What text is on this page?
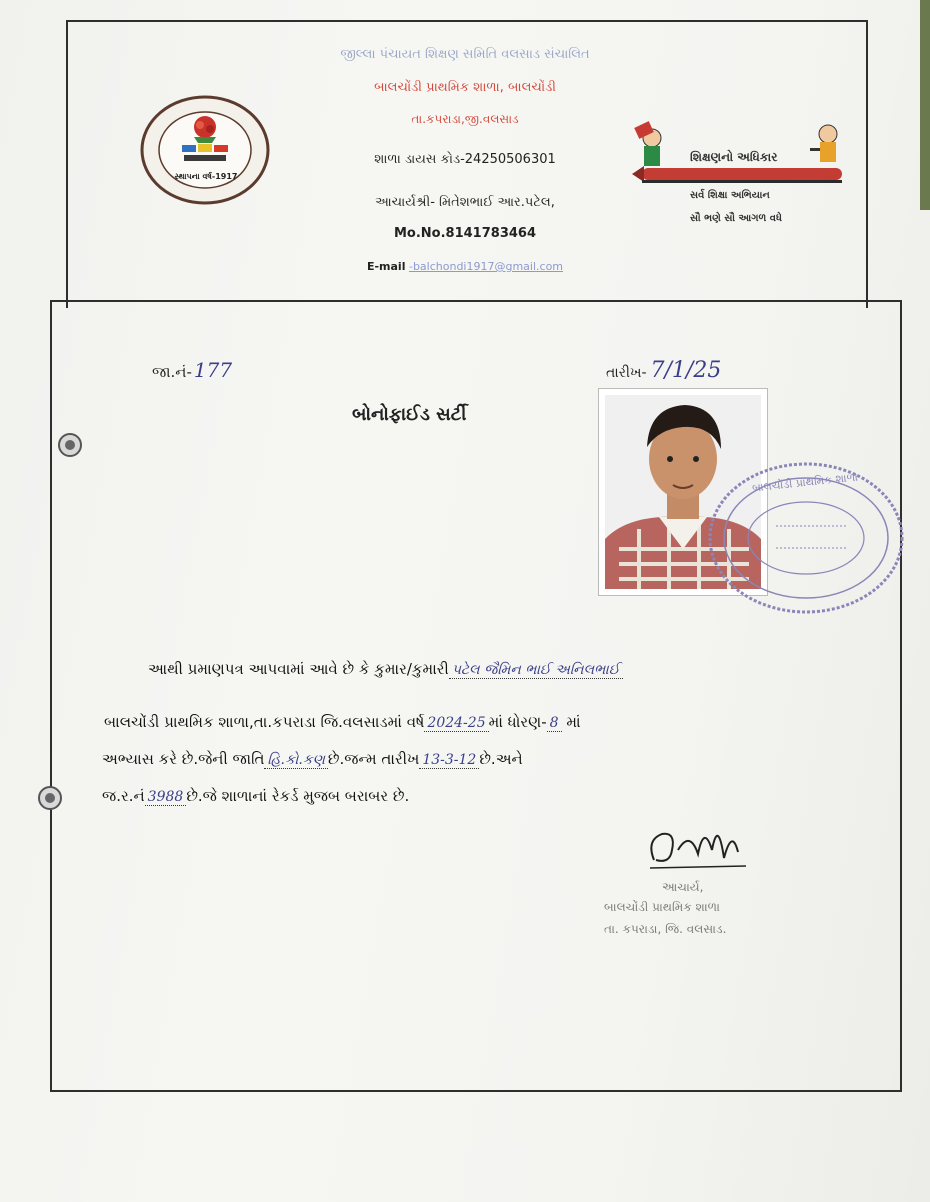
સ્થાપના વર્ષ-1917
જીલ્લા પંચાયત શિક્ષણ સમિતિ વલસાડ સંચાલિત
બાલચોંડી પ્રાથમિક શાળા, બાલચોંડી
તા.કપરાડા,જી.વલસાડ
શાળા ડાયસ કોડ-24250506301
આચાર્યશ્રી- મિતેશભાઈ આર.પટેલ,
Mo.No.8141783464
E-mail -balchondi1917@gmail.com
શિક્ષણનો અધિકાર
સર્વ શિક્ષા અભિયાન
સૌ ભણે સૌ આગળ વધે
જા.નં- 177	તારીખ- 7/1/25
બોનોફાઈડ સર્ટી
બાલચોંડી પ્રાથમિક શાળા
આથી પ્રમાણપત્ર આપવામાં આવે છે કે કુમાર/કુમારી પટેલ જૈમિન ભાઈ અનિલભાઈ
બાલચોંડી પ્રાથમિક શાળા,તા.કપરાડા જિ.વલસાડમાં વર્ષ 2024-25 માં ધોરણ- 8 માં
અભ્યાસ કરે છે.જેની જાતિ હિ.કો.કણ છે.જન્મ તારીખ 13-3-12 છે.અને
જ.ર.નં 3988 છે.જે શાળાનાં રેકર્ડ મુજબ બરાબર છે.
આચાર્ય,
બાલચોંડી પ્રાથમિક શાળા
તા. કપરાડા, જિ. વલસાડ.
